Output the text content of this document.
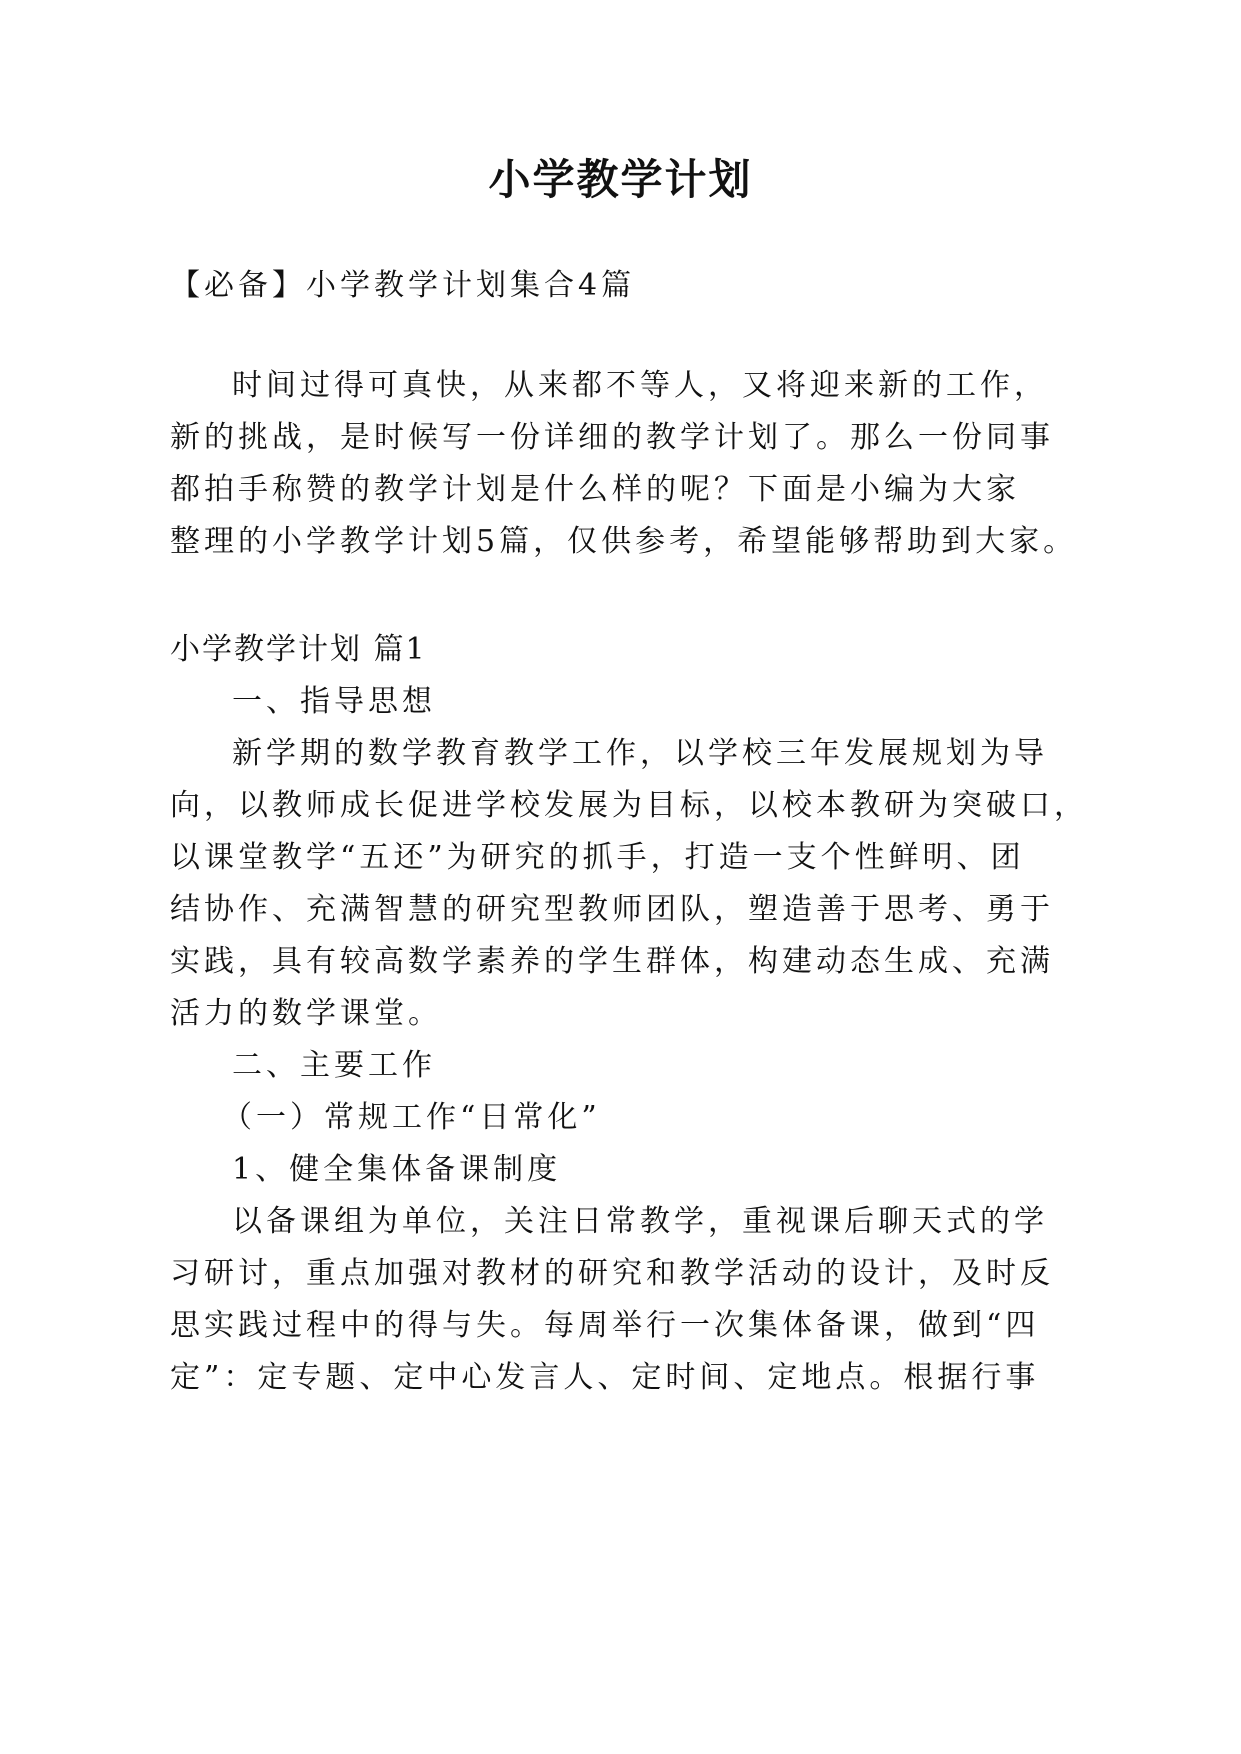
小学教学计划
【必备】小学教学计划集合4篇
时间过得可真快，从来都不等人，又将迎来新的工作，
新的挑战，是时候写一份详细的教学计划了。那么一份同事
都拍手称赞的教学计划是什么样的呢？下面是小编为大家
整理的小学教学计划5篇，仅供参考，希望能够帮助到大家。
小学教学计划 篇1
一、指导思想
新学期的数学教育教学工作，以学校三年发展规划为导
向，以教师成长促进学校发展为目标，以校本教研为突破口，
以课堂教学“五还”为研究的抓手，打造一支个性鲜明、团
结协作、充满智慧的研究型教师团队，塑造善于思考、勇于
实践，具有较高数学素养的学生群体，构建动态生成、充满
活力的数学课堂。
二、主要工作
（一）常规工作“日常化”
1、健全集体备课制度
以备课组为单位，关注日常教学，重视课后聊天式的学
习研讨，重点加强对教材的研究和教学活动的设计，及时反
思实践过程中的得与失。每周举行一次集体备课，做到“四
定”：定专题、定中心发言人、定时间、定地点。根据行事
